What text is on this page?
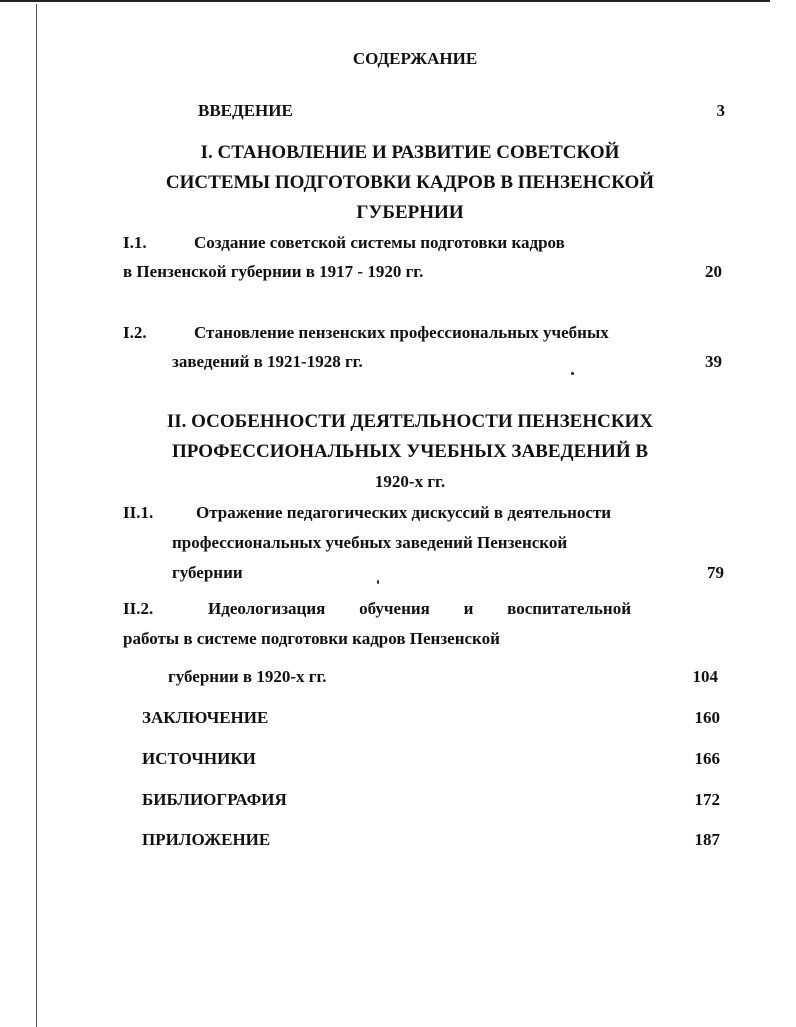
СОДЕРЖАНИЕ
ВВЕДЕНИЕ	3
I. СТАНОВЛЕНИЕ И РАЗВИТИЕ СОВЕТСКОЙ
СИСТЕМЫ ПОДГОТОВКИ КАДРОВ В ПЕНЗЕНСКОЙ
ГУБЕРНИИ
I.1.	Создание советской системы подготовки кадров
в Пензенской губернии в 1917 - 1920 гг.	20
I.2.	Становление пензенских профессиональных учебных
заведений в 1921-1928 гг.	39
II. ОСОБЕННОСТИ ДЕЯТЕЛЬНОСТИ ПЕНЗЕНСКИХ
ПРОФЕССИОНАЛЬНЫХ УЧЕБНЫХ ЗАВЕДЕНИЙ В
1920-х гг.
II.1.	Отражение педагогических дискуссий в деятельности
профессиональных учебных заведений Пензенской
губернии	79
II.2.	Идеологизация обучения и воспитательной
работы в системе подготовки кадров Пензенской
губернии в 1920-х гг.	104
ЗАКЛЮЧЕНИЕ	160
ИСТОЧНИКИ	166
БИБЛИОГРАФИЯ	172
ПРИЛОЖЕНИЕ	187
